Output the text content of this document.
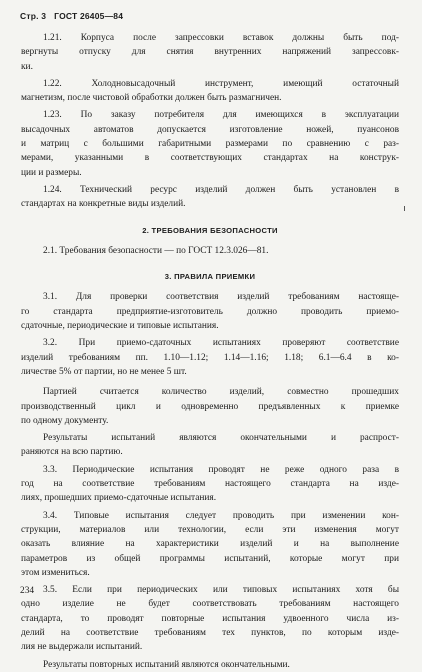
Стр. 3 ГОСТ 26405—84
1.21. Корпуса после запрессовки вставок должны быть под-
вергнуты отпуску для снятия внутренних напряжений запрессовк-
ки.
1.22. Холодновысадочный инструмент, имеющий остаточный
магнетизм, после чистовой обработки должен быть размагничен.
1.23. По заказу потребителя для имеющихся в эксплуатации
высадочных автоматов допускается изготовление ножей, пуансонов
и матриц с большими габаритными размерами по сравнению с раз-
мерами, указанными в соответствующих стандартах на конструк-
ции и размеры.
1.24. Технический ресурс изделий должен быть установлен в
стандартах на конкретные виды изделий.
2. ТРЕБОВАНИЯ БЕЗОПАСНОСТИ
2.1. Требования безопасности — по ГОСТ 12.3.026—81.
3. ПРАВИЛА ПРИЕМКИ
3.1. Для проверки соответствия изделий требованиям настояще-
го стандарта предприятие-изготовитель должно проводить приемо-
сдаточные, периодические и типовые испытания.
3.2. При приемо-сдаточных испытаниях проверяют соответствие
изделий требованиям пп. 1.10—1.12; 1.14—1.16; 1.18; 6.1—6.4 в ко-
личестве 5% от партии, но не менее 5 шт.
Партией считается количество изделий, совместно прошедших
производственный цикл и одновременно предъявленных к приемке
по одному документу.
Результаты испытаний являются окончательными и распрост-
раняются на всю партию.
3.3. Периодические испытания проводят не реже одного раза в
год на соответствие требованиям настоящего стандарта на изде-
лиях, прошедших приемо-сдаточные испытания.
3.4. Типовые испытания следует проводить при изменении кон-
струкции, материалов или технологии, если эти изменения могут
оказать влияние на характеристики изделий и на выполнение
параметров из общей программы испытаний, которые могут при
этом измениться.
3.5. Если при периодических или типовых испытаниях хотя бы
одно изделие не будет соответствовать требованиям настоящего
стандарта, то проводят повторные испытания удвоенного числа из-
делий на соответствие требованиям тех пунктов, по которым изде-
лия не выдержали испытаний.
Результаты повторных испытаний являются окончательными.
234
